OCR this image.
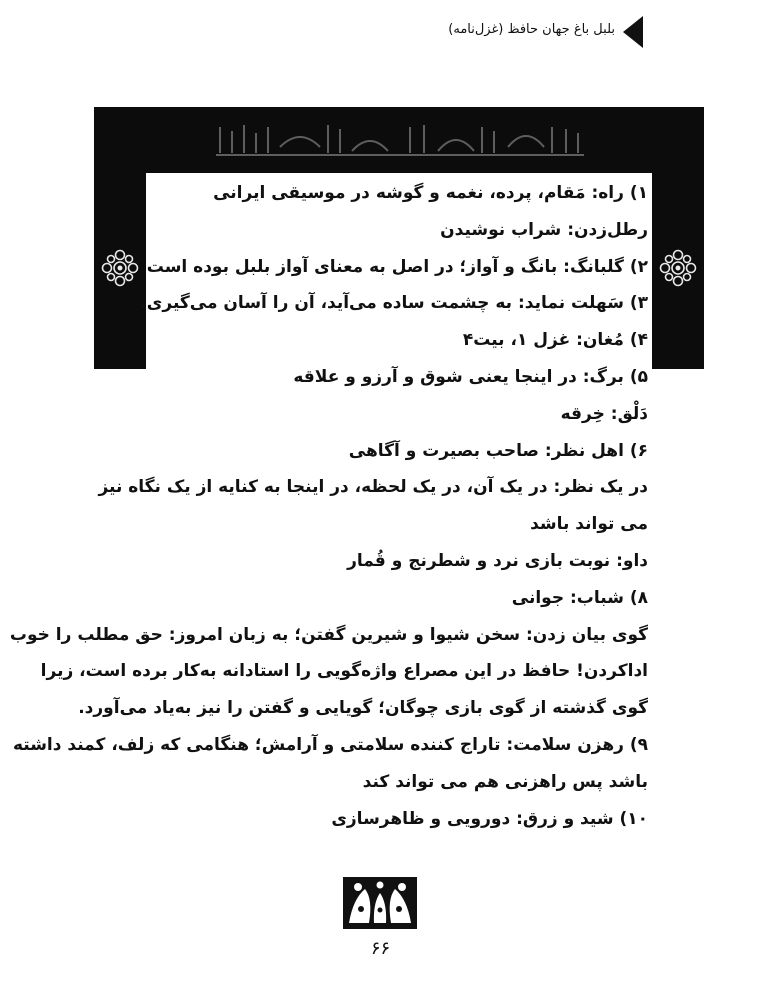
بلبل باغ جهان حافظ (غزل‌نامه)
۱) راه: مَقام، پرده، نغمه و گوشه در موسیقی ایرانی
رطل‌زدن: شراب نوشیدن
۲) گلبانگ: بانگ و آواز؛ در اصل به معنای آواز بلبل بوده است
۳) سَهلت نماید: به چشمت ساده می‌آید، آن را آسان می‌گیری.
۴) مُغان: غزل ۱، بیت۴
۵) برگ: در اینجا یعنی شوق و آرزو و علاقه
دَلْق: خِرقه
۶) اهل نظر: صاحب بصیرت و آگاهی
در یک نظر: در یک آن، در یک لحظه، در اینجا به کنایه از یک نگاه نیز
می تواند باشد
داو: نوبت بازی نرد و شطرنج و قُمار
۸) شباب: جوانی
گوی بیان زدن: سخن شیوا و شیرین گفتن؛ به زبان امروز: حق مطلب را خوب
اداکردن! حافظ در این مصراع واژه‌گویی را استادانه به‌کار برده است، زیرا
گوی گذشته از گوی بازی چوگان؛ گویایی و گفتن را نیز به‌یاد می‌آورد.
۹) رهزن سلامت: تاراج کننده سلامتی و آرامش؛ هنگامی که زلف، کمند داشته
باشد پس راهزنی هم می تواند کند
۱۰) شید و زرق: دورویی و ظاهرسازی
۶۶
